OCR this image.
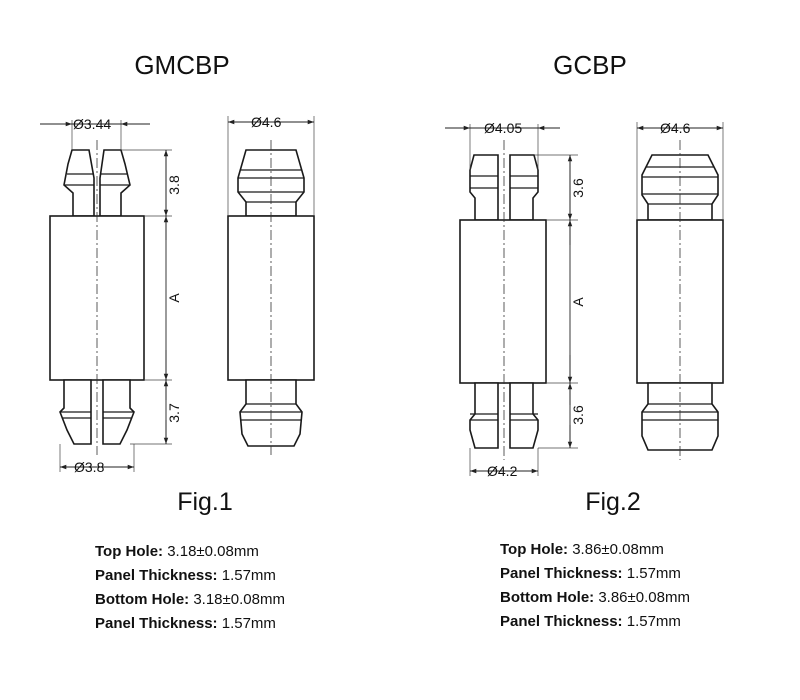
Ø3.44
3.8
A
3.7
Ø3.8
Ø4.6	Ø4.05
3.6
A
3.6
Ø4.2
Ø4.6
GMCBP	GCBP
Fig.1	Fig.2
Top Hole: 3.18±0.08mm
Panel Thickness: 1.57mm
Bottom Hole: 3.18±0.08mm
Panel Thickness: 1.57mm
Top Hole: 3.86±0.08mm
Panel Thickness: 1.57mm
Bottom Hole: 3.86±0.08mm
Panel Thickness: 1.57mm
